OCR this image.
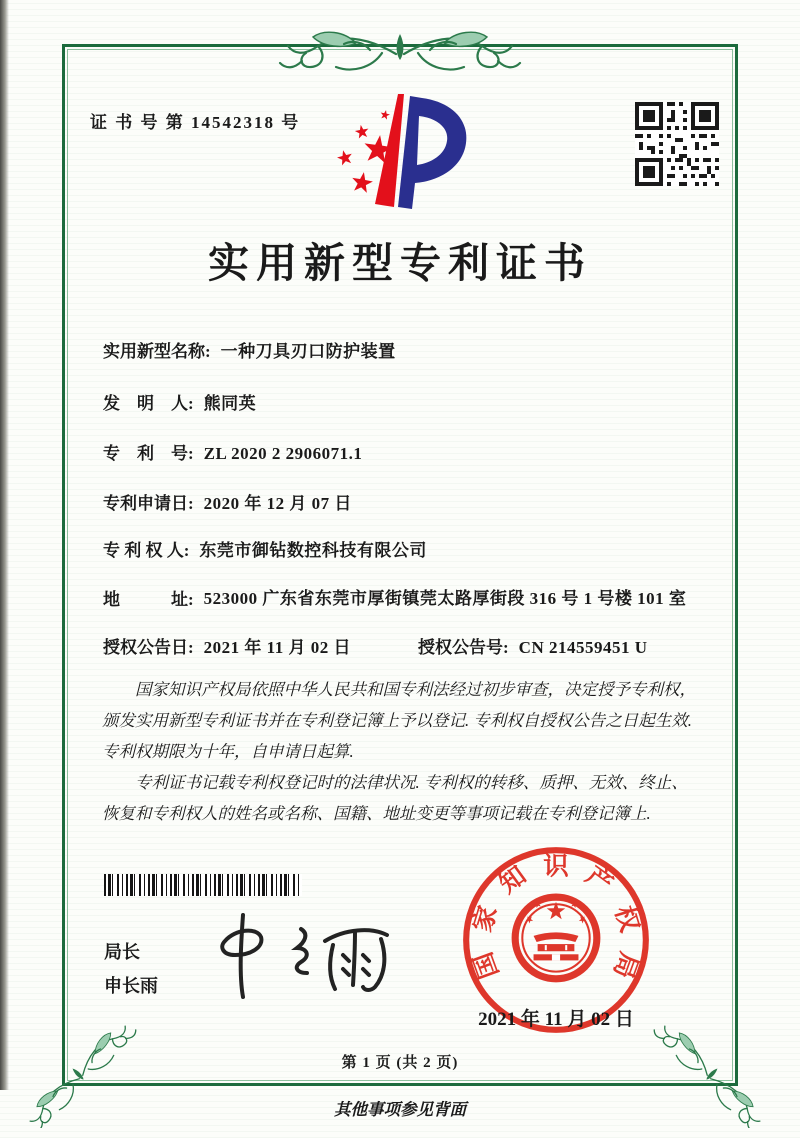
证 书 号 第 14542318 号
实用新型专利证书
实用新型名称: 一种刀具刃口防护装置
发　明　人: 熊同英
专　利　号: ZL 2020 2 2906071.1
专利申请日: 2020 年 12 月 07 日
专 利 权 人: 东莞市御钻数控科技有限公司
地　　　址: 523000 广东省东莞市厚街镇莞太路厚街段 316 号 1 号楼 101 室
授权公告日: 2021 年 11 月 02 日	授权公告号: CN 214559451 U

国家知识产权局依照中华人民共和国专利法经过初步审查，决定授予专利权，颁发实用新型专利证书并在专利登记簿上予以登记. 专利权自授权公告之日起生效. 专利权期限为十年，自申请日起算.

专利证书记载专利权登记时的法律状况. 专利权的转移、质押、无效、终止、恢复和专利权人的姓名或名称、国籍、地址变更等事项记载在专利登记簿上.

局长
申长雨
国
家
知 识 产
权
局
2021 年 11 月 02 日
第 1 页 (共 2 页)
其他事项参见背面
